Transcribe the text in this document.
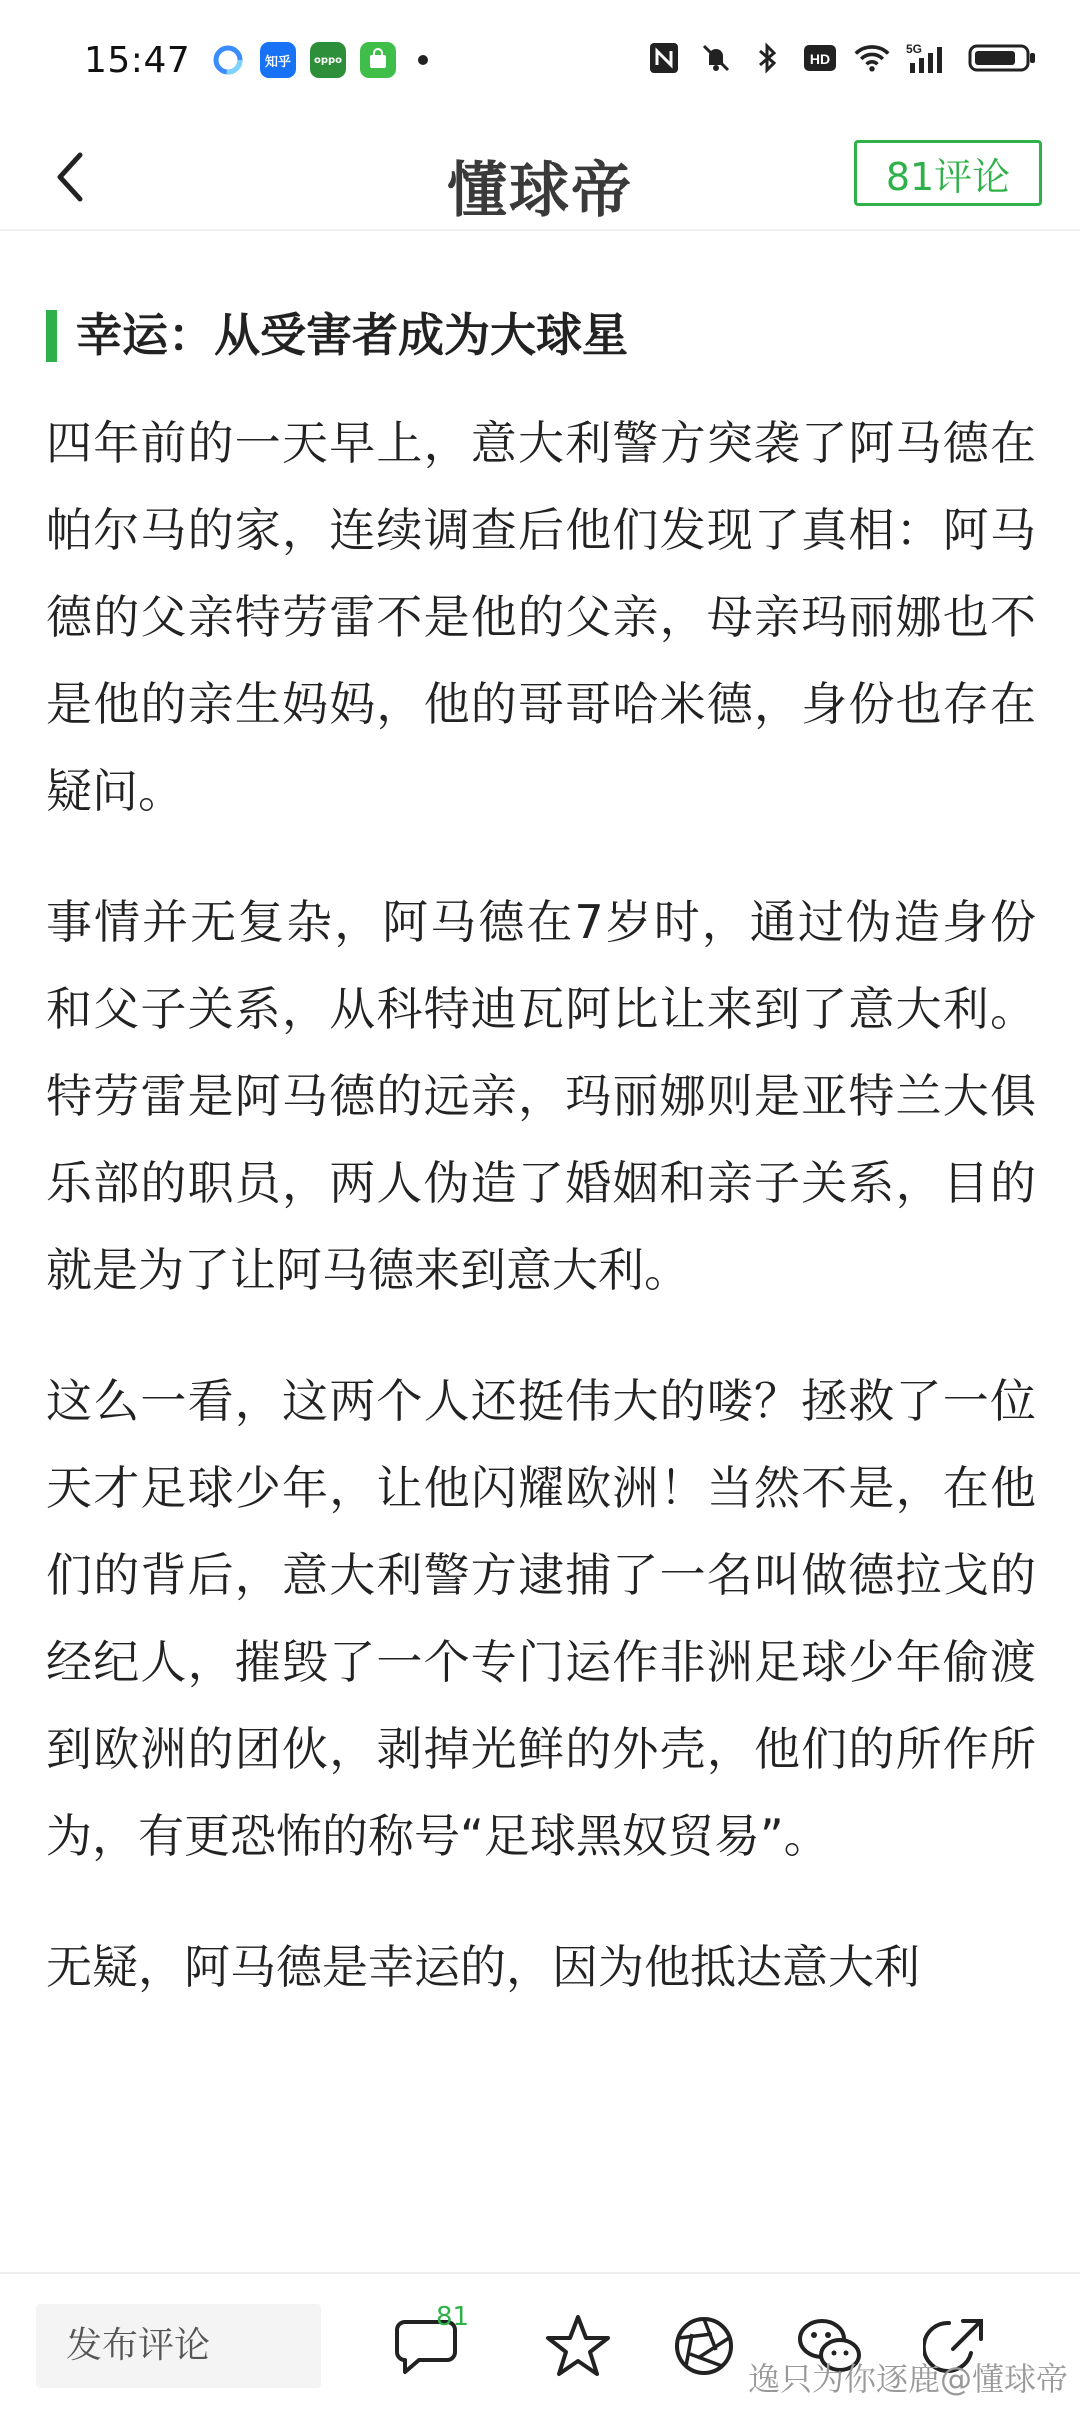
15:47	知乎 oppo	HD
5G
懂球帝	81评论
幸运：从受害者成为大球星

四年前的一天早上，意大利警方突袭了阿马德在帕尔马的家，连续调查后他们发现了真相：阿马德的父亲特劳雷不是他的父亲，母亲玛丽娜也不是他的亲生妈妈，他的哥哥哈米德，身份也存在疑问。

事情并无复杂，阿马德在7岁时，通过伪造身份和父子关系，从科特迪瓦阿比让来到了意大利。特劳雷是阿马德的远亲，玛丽娜则是亚特兰大俱乐部的职员，两人伪造了婚姻和亲子关系，目的就是为了让阿马德来到意大利。

这么一看，这两个人还挺伟大的喽？拯救了一位天才足球少年，让他闪耀欧洲！当然不是，在他们的背后，意大利警方逮捕了一名叫做德拉戈的经纪人，摧毁了一个专门运作非洲足球少年偷渡到欧洲的团伙，剥掉光鲜的外壳，他们的所作所为，有更恐怖的称号“足球黑奴贸易”。

无疑，阿马德是幸运的，因为他抵达意大利

发布评论
81
逸只为你逐鹿@懂球帝
